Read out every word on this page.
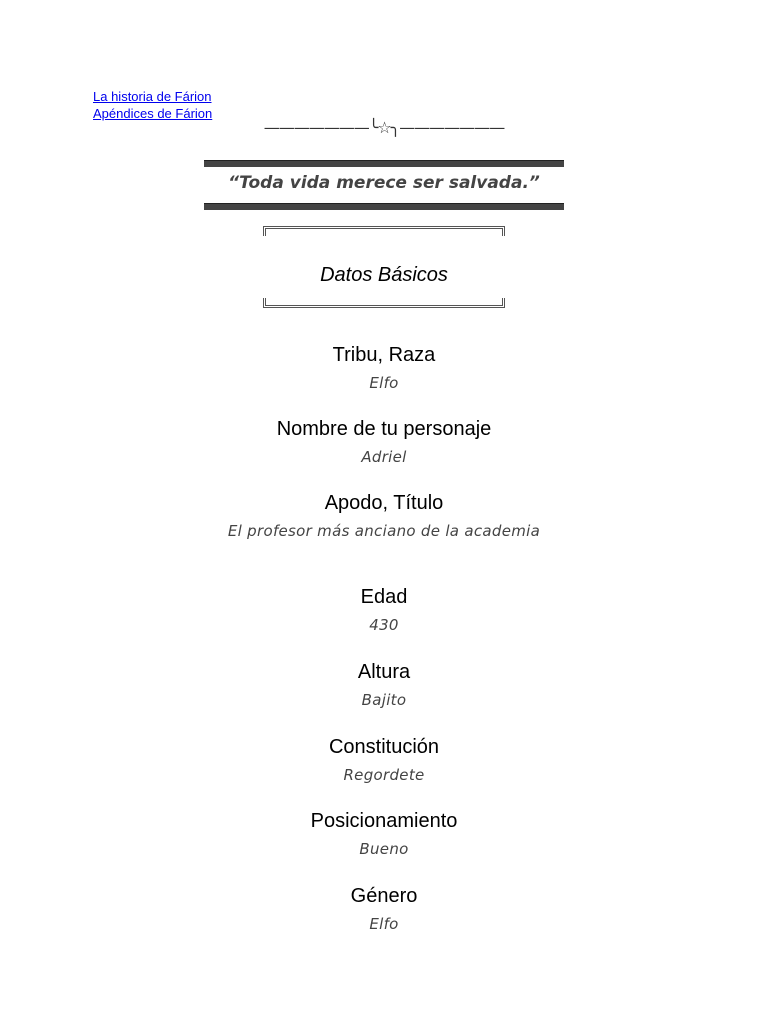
La historia de Fárion
Apéndices de Fárion
———————╰☆╮———————
“Toda vida merece ser salvada.”
Datos Básicos
Tribu, Raza
Elfo
Nombre de tu personaje
Adriel
Apodo, Título
El profesor más anciano de la academia
Edad
430
Altura
Bajito
Constitución
Regordete
Posicionamiento
Bueno
Género
Elfo
